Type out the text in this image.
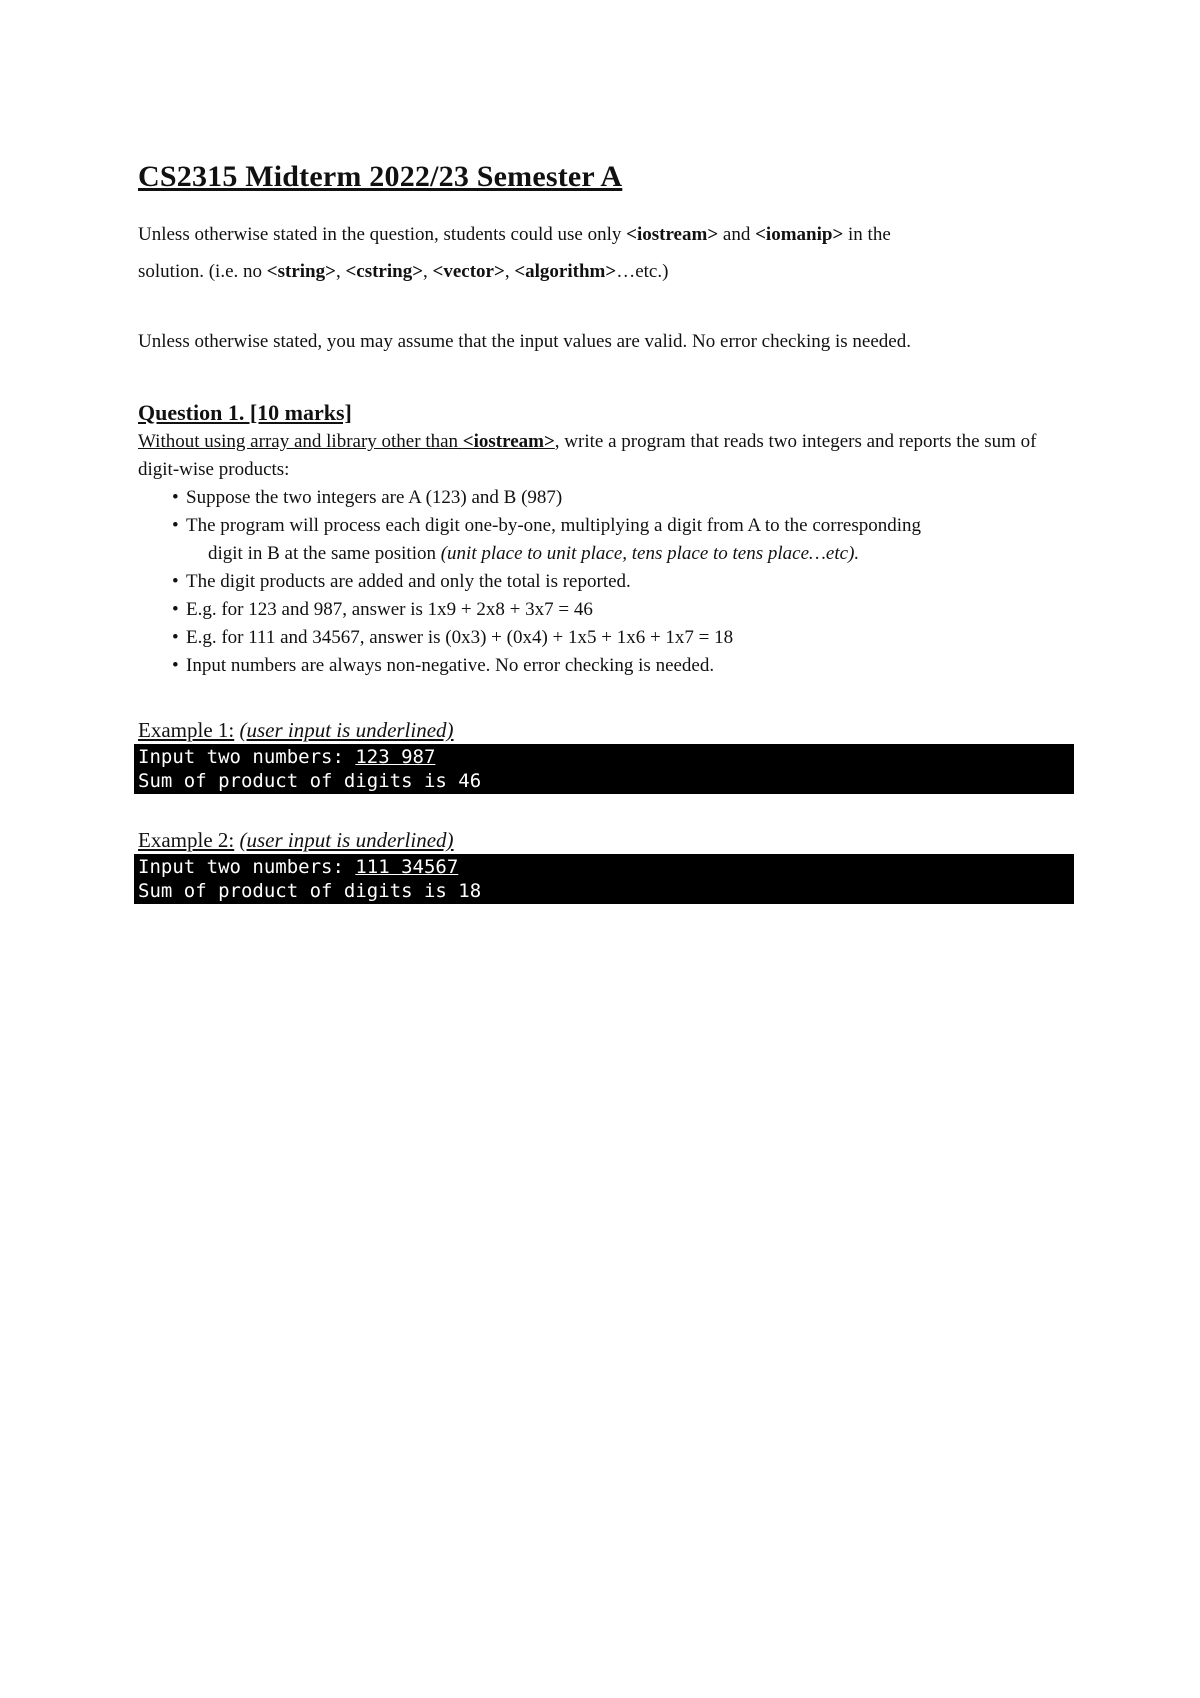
CS2315 Midterm 2022/23 Semester A

Unless otherwise stated in the question, students could use only <iostream> and <iomanip> in the
solution. (i.e. no <string>, <cstring>, <vector>, <algorithm>…etc.)

Unless otherwise stated, you may assume that the input values are valid. No error checking is needed.

Question 1. [10 marks]

Without using array and library other than <iostream>, write a program that reads two integers and reports the sum of digit-wise products:

• Suppose the two integers are A (123) and B (987)
• The program will process each digit one-by-one, multiplying a digit from A to the corresponding
digit in B at the same position (unit place to unit place, tens place to tens place…etc).
• The digit products are added and only the total is reported.
• E.g. for 123 and 987, answer is 1x9 + 2x8 + 3x7 = 46
• E.g. for 111 and 34567, answer is (0x3) + (0x4) + 1x5 + 1x6 + 1x7 = 18
• Input numbers are always non-negative. No error checking is needed.

Example 1: (user input is underlined)

Input two numbers: 123 987
Sum of product of digits is 46

Example 2: (user input is underlined)

Input two numbers: 111 34567
Sum of product of digits is 18
